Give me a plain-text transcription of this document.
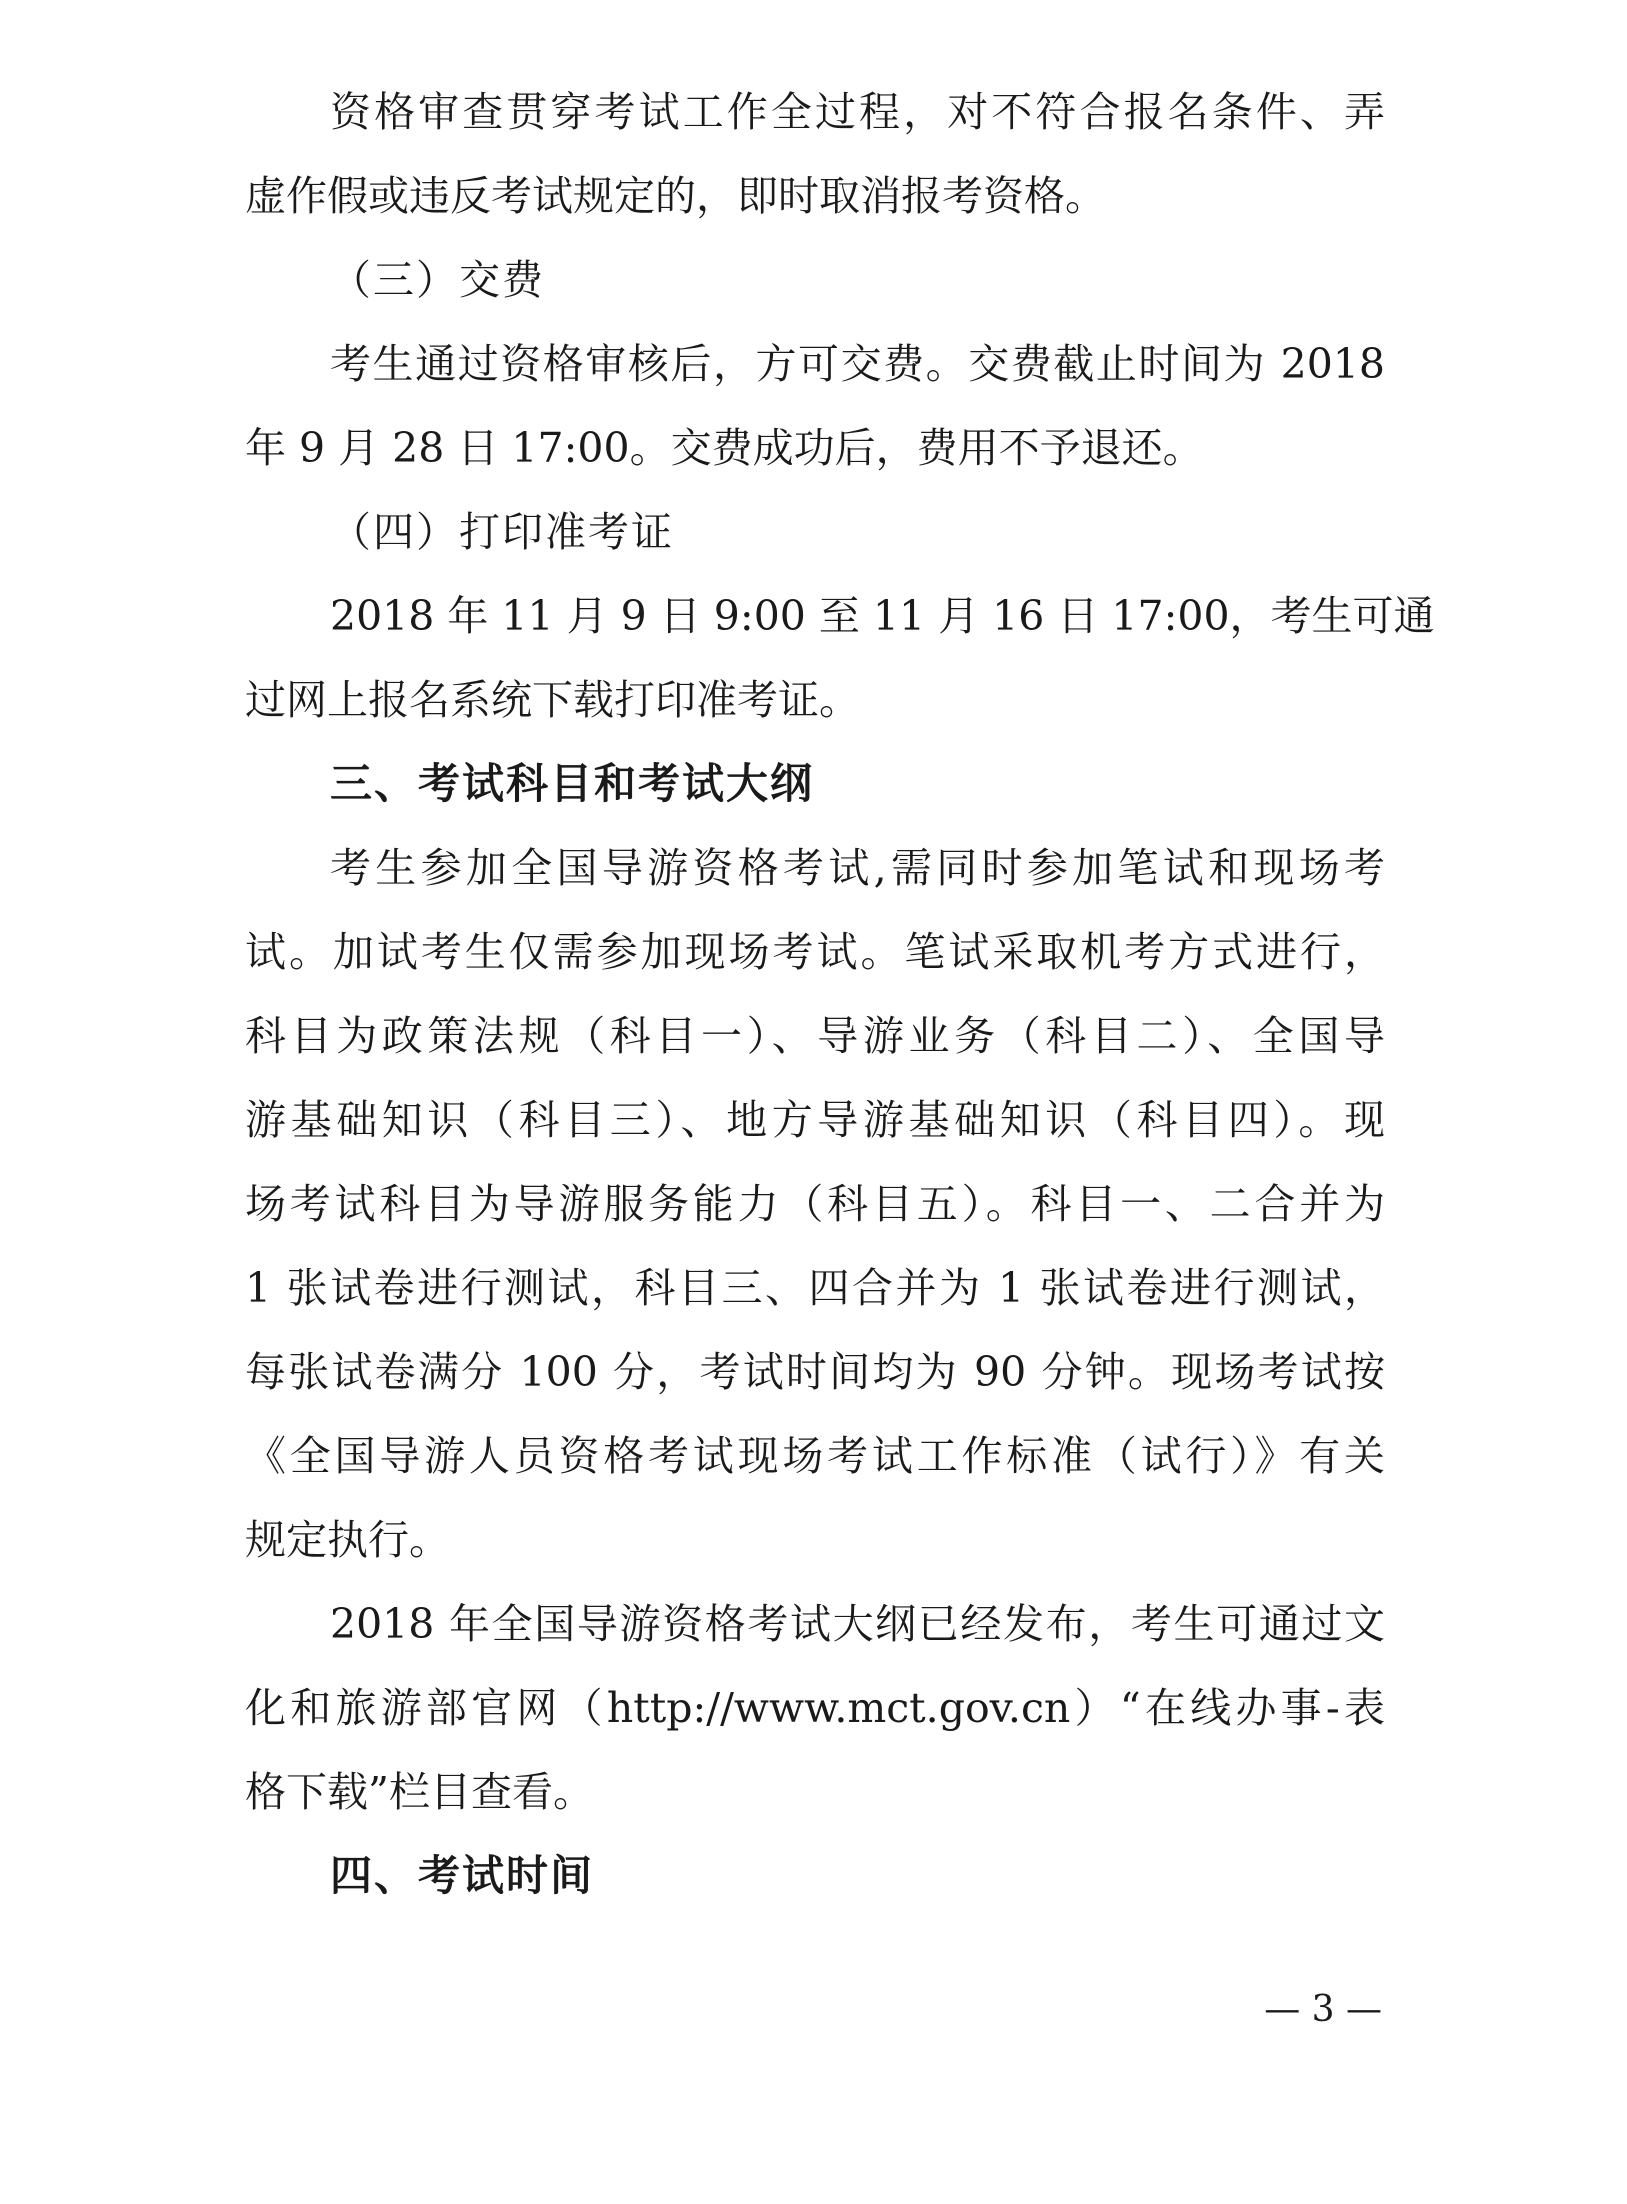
资格审查贯穿考试工作全过程，对不符合报名条件、弄
虚作假或违反考试规定的，即时取消报考资格。
（三）交费
考生通过资格审核后，方可交费。交费截止时间为 2018
年 9 月 28 日 17:00。交费成功后，费用不予退还。
（四）打印准考证
2018 年 11 月 9 日 9:00 至 11 月 16 日 17:00，考生可通
过网上报名系统下载打印准考证。
三、考试科目和考试大纲
考生参加全国导游资格考试,需同时参加笔试和现场考
试。加试考生仅需参加现场考试。笔试采取机考方式进行，
科目为政策法规（科目一）、导游业务（科目二）、全国导
游基础知识（科目三）、地方导游基础知识（科目四）。现
场考试科目为导游服务能力（科目五）。科目一、二合并为
1 张试卷进行测试，科目三、四合并为 1 张试卷进行测试，
每张试卷满分 100 分，考试时间均为 90 分钟。现场考试按
《全国导游人员资格考试现场考试工作标准（试行）》有关
规定执行。
2018 年全国导游资格考试大纲已经发布，考生可通过文
化和旅游部官网（http://www.mct.gov.cn）“在线办事-表
格下载”栏目查看。
四、考试时间
— 3 —
